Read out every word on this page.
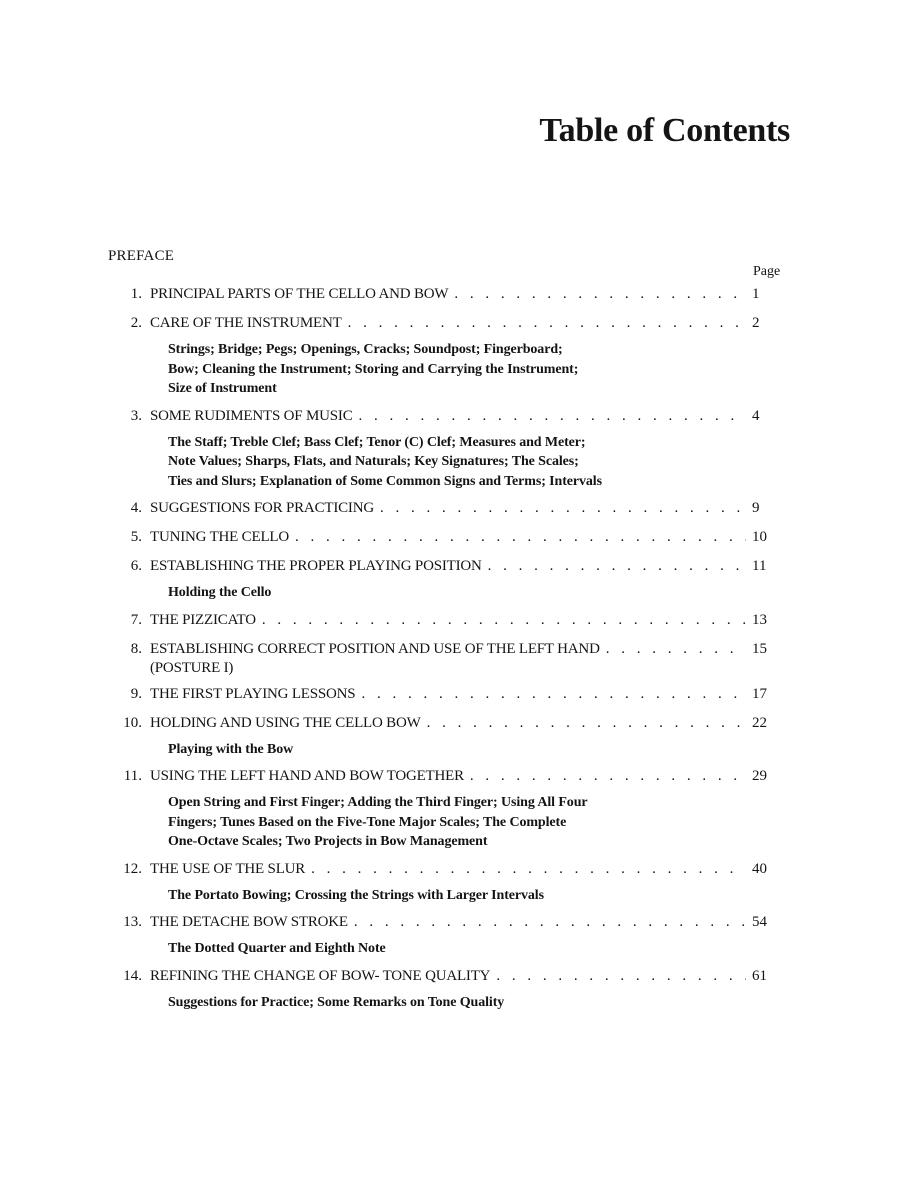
Table of Contents
PREFACE
Page
1. PRINCIPAL PARTS OF THE CELLO AND BOW . . .	1
2. CARE OF THE INSTRUMENT . . .	2
Strings; Bridge; Pegs; Openings, Cracks; Soundpost; Fingerboard;
Bow; Cleaning the Instrument; Storing and Carrying the Instrument;
Size of Instrument
3. SOME RUDIMENTS OF MUSIC . . .	4
The Staff; Treble Clef; Bass Clef; Tenor (C) Clef; Measures and Meter;
Note Values; Sharps, Flats, and Naturals; Key Signatures; The Scales;
Ties and Slurs; Explanation of Some Common Signs and Terms; Intervals
4. SUGGESTIONS FOR PRACTICING . . .	9
5. TUNING THE CELLO . . .	10
6. ESTABLISHING THE PROPER PLAYING POSITION . . .	11
Holding the Cello
7. THE PIZZICATO . . .	13
8. ESTABLISHING CORRECT POSITION AND USE OF THE LEFT HAND . . .	15
(POSTURE I)
9. THE FIRST PLAYING LESSONS . . .	17
10. HOLDING AND USING THE CELLO BOW . . .	22
Playing with the Bow
11. USING THE LEFT HAND AND BOW TOGETHER . . .	29
Open String and First Finger; Adding the Third Finger; Using All Four
Fingers; Tunes Based on the Five-Tone Major Scales; The Complete
One-Octave Scales; Two Projects in Bow Management
12. THE USE OF THE SLUR . . .	40
The Portato Bowing; Crossing the Strings with Larger Intervals
13. THE DETACHE BOW STROKE . . .	54
The Dotted Quarter and Eighth Note
14. REFINING THE CHANGE OF BOW- TONE QUALITY . . .	61
Suggestions for Practice; Some Remarks on Tone Quality
